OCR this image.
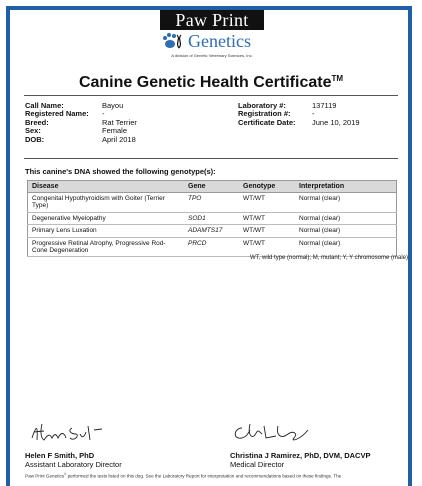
Paw Print
Genetics
A division of Genetic Veterinary Sciences, Inc.
Canine Genetic Health Certificate™
Call Name:	Bayou
Registered Name:	-
Breed:	Rat Terrier
Sex:	Female
DOB:	April 2018
Laboratory #:	137119
Registration #:	-
Certificate Date:	June 10, 2019
This canine's DNA showed the following genotype(s):
Disease	Gene	Genotype	Interpretation
Congenital Hypothyroidism with Goiter (Terrier Type)	TPO	WT/WT	Normal (clear)
Degenerative Myelopathy	SOD1	WT/WT	Normal (clear)
Primary Lens Luxation	ADAMTS17	WT/WT	Normal (clear)
Progressive Retinal Atrophy, Progressive Rod-Cone Degeneration	PRCD	WT/WT	Normal (clear)
WT, wild type (normal); M, mutant; Y, Y chromosome (male)
Helen F Smith, PhD
Assistant Laboratory Director
Christina J Ramirez, PhD, DVM, DACVP
Medical Director
Paw Print Genetics® performed the tests listed on this dog. See the Laboratory Report for interpretation and recommendations based on these findings. The
